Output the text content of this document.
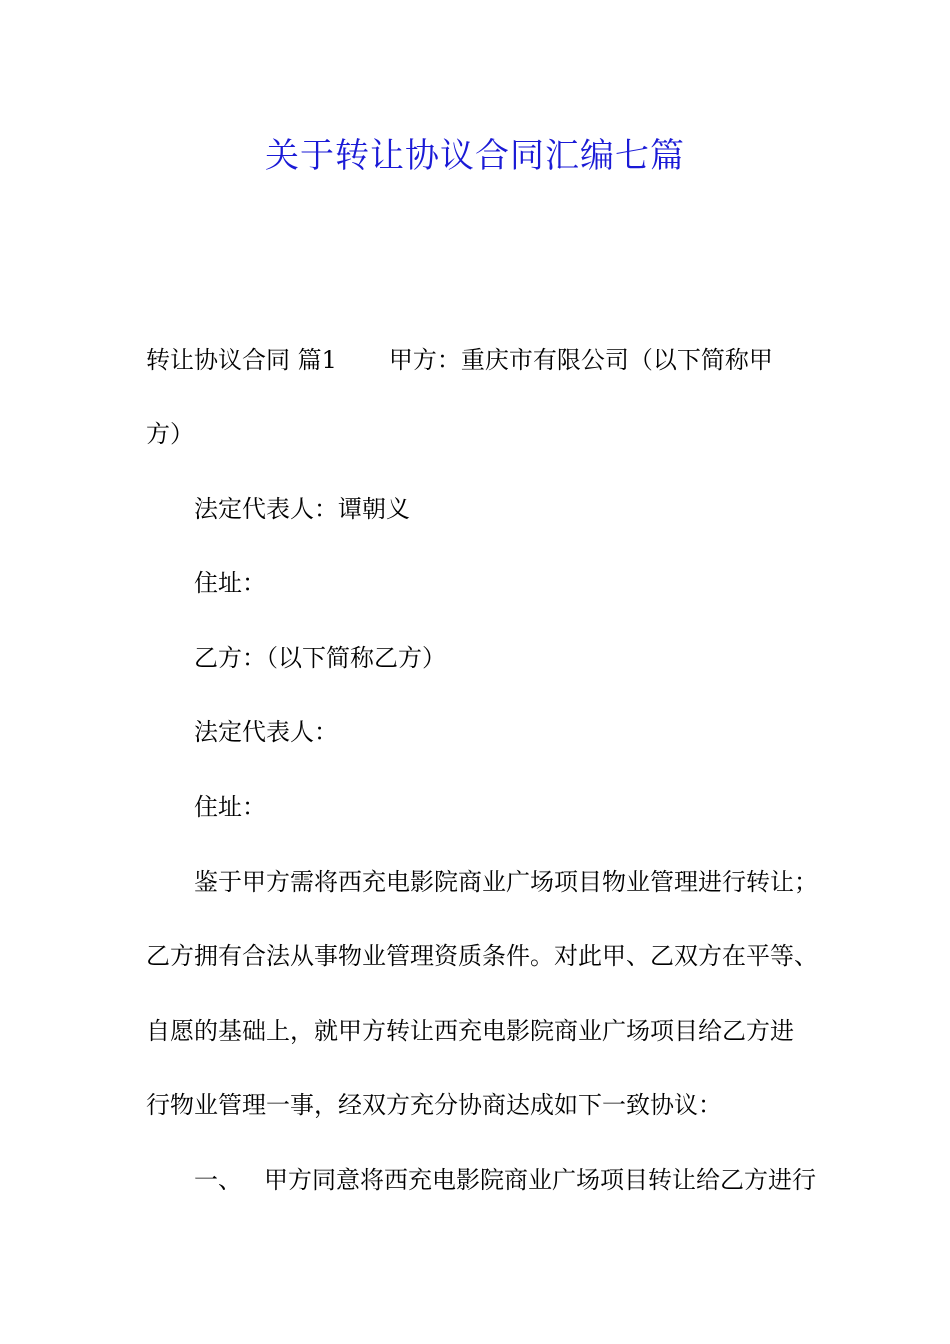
关于转让协议合同汇编七篇
转让协议合同 篇1 甲方：重庆市有限公司（以下简称甲
方）
法定代表人：谭朝义
住址：
乙方：（以下简称乙方）
法定代表人：
住址：
鉴于甲方需将西充电影院商业广场项目物业管理进行转让；
乙方拥有合法从事物业管理资质条件。对此甲、乙双方在平等、
自愿的基础上，就甲方转让西充电影院商业广场项目给乙方进
行物业管理一事，经双方充分协商达成如下一致协议：
一、 甲方同意将西充电影院商业广场项目转让给乙方进行
